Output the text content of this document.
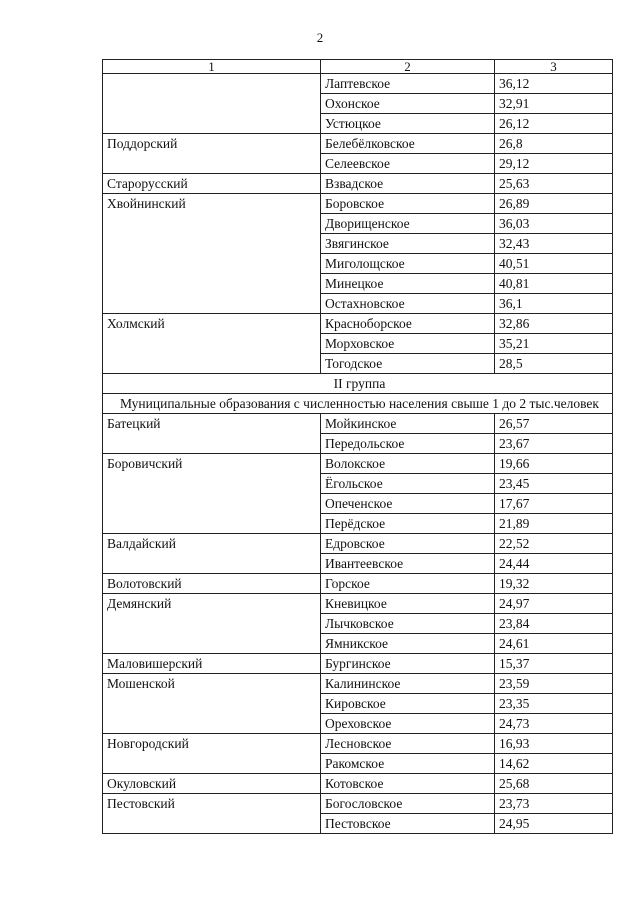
2
1	2	3
	Лаптевское	36,12
	Охонское	32,91
	Устюцкое	26,12
Поддорский	Белебёлковское	26,8
	Селеевское	29,12
Старорусский	Взвадское	25,63
Хвойнинский	Боровское	26,89
	Дворищенское	36,03
	Звягинское	32,43
	Миголощское	40,51
	Минецкое	40,81
	Остахновское	36,1
Холмский	Красноборское	32,86
	Морховское	35,21
	Тогодское	28,5
II группа		
Муниципальные образования с численностью населения свыше 1 до 2 тыс.человек		
Батецкий	Мойкинское	26,57
	Передольское	23,67
Боровичский	Волокское	19,66
	Ёгольское	23,45
	Опеченское	17,67
	Перёдское	21,89
Валдайский	Едровское	22,52
	Ивантеевское	24,44
Волотовский	Горское	19,32
Демянский	Кневицкое	24,97
	Лычковское	23,84
	Ямникское	24,61
Маловишерский	Бургинское	15,37
Мошенской	Калининское	23,59
	Кировское	23,35
	Ореховское	24,73
Новгородский	Лесновское	16,93
	Ракомское	14,62
Окуловский	Котовское	25,68
Пестовский	Богословское	23,73
	Пестовское	24,95
